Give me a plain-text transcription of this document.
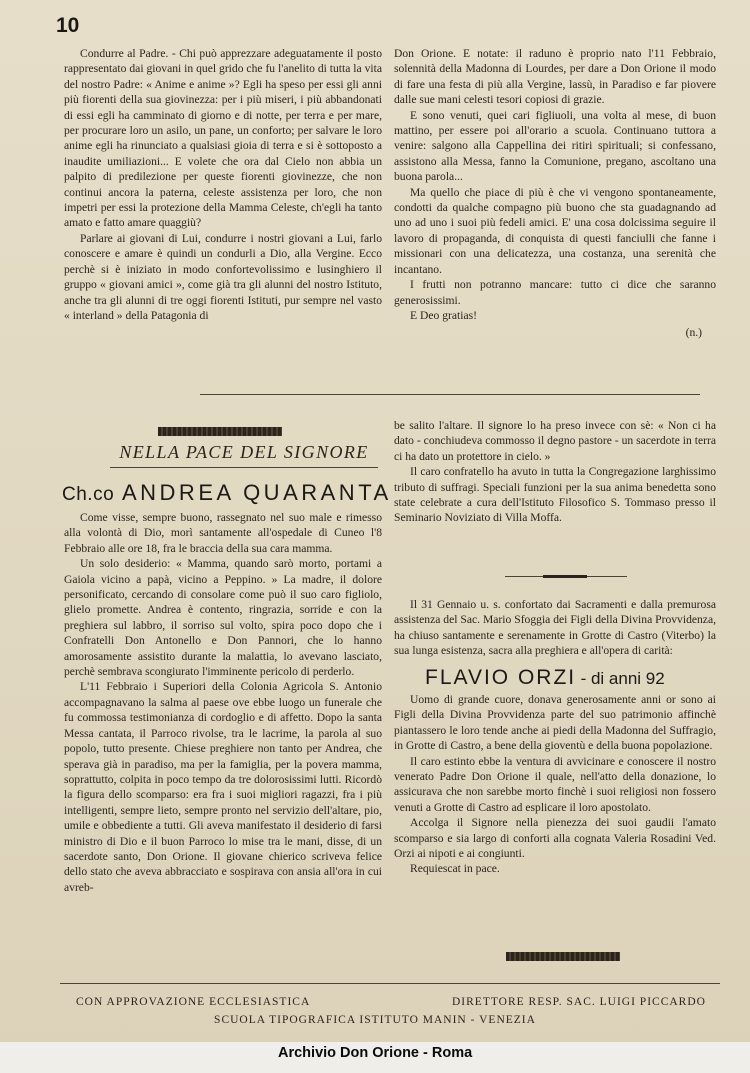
10

Condurre al Padre. - Chi può apprezzare adeguatamente il posto rappresentato dai giovani in quel grido che fu l'anelito di tutta la vita del nostro Padre: « Anime e anime »? Egli ha speso per essi gli anni più fiorenti della sua giovinezza: per i più miseri, i più abbandonati di essi egli ha camminato di giorno e di notte, per terra e per mare, per procurare loro un asilo, un pane, un conforto; per salvare le loro anime egli ha rinunciato a qualsiasi gioia di terra e si è sottoposto a inaudite umiliazioni... E volete che ora dal Cielo non abbia un palpito di predilezione per queste fiorenti giovinezze, che non continui ancora la paterna, celeste assistenza per loro, che non impetri per essi la protezione della Mamma Celeste, ch'egli ha tanto amato e fatto amare quaggiù?

Parlare ai giovani di Lui, condurre i nostri giovani a Lui, farlo conoscere e amare è quindi un condurli a Dio, alla Vergine. Ecco perchè si è iniziato in modo confortevolissimo e lusinghiero il gruppo « giovani amici », come già tra gli alunni del nostro Istituto, anche tra gli alunni di tre oggi fiorenti Istituti, pur sempre nel vasto « interland » della Patagonia di

Don Orione. E notate: il raduno è proprio nato l'11 Febbraio, solennità della Madonna di Lourdes, per dare a Don Orione il modo di fare una festa di più alla Vergine, lassù, in Paradiso e far piovere dalle sue mani celesti tesori copiosi di grazie.

E sono venuti, quei cari figliuoli, una volta al mese, di buon mattino, per essere poi all'orario a scuola. Continuano tuttora a venire: salgono alla Cappellina dei ritiri spirituali; si confessano, assistono alla Messa, fanno la Comunione, pregano, ascoltano una buona parola...

Ma quello che piace di più è che vi vengono spontaneamente, condotti da qualche compagno più buono che sta guadagnando ad uno ad uno i suoi più fedeli amici. E' una cosa dolcissima seguire il lavoro di propaganda, di conquista di questi fanciulli che fanne i missionari con una delicatezza, una costanza, una serenità che incantano.

I frutti non potranno mancare: tutto ci dice che saranno generosissimi.

E Deo gratias!

(n.)
NELLA PACE DEL SIGNORE
Ch.co ANDREA QUARANTA

Come visse, sempre buono, rassegnato nel suo male e rimesso alla volontà di Dio, morì santamente all'ospedale di Cuneo l'8 Febbraio alle ore 18, fra le braccia della sua cara mamma.

Un solo desiderio: « Mamma, quando sarò morto, portami a Gaiola vicino a papà, vicino a Peppino. » La madre, il dolore personificato, cercando di consolare come può il suo caro figliolo, glielo promette. Andrea è contento, ringrazia, sorride e con la preghiera sul labbro, il sorriso sul volto, spira poco dopo che i Confratelli Don Antonello e Don Pannori, che lo hanno amorosamente assistito durante la malattia, lo avevano lasciato, perchè sembrava scongiurato l'imminente pericolo di perderlo.

L'11 Febbraio i Superiori della Colonia Agricola S. Antonio accompagnavano la salma al paese ove ebbe luogo un funerale che fu commossa testimonianza di cordoglio e di affetto. Dopo la santa Messa cantata, il Parroco rivolse, tra le lacrime, la parola al suo popolo, tutto presente. Chiese preghiere non tanto per Andrea, che sperava già in paradiso, ma per la famiglia, per la povera mamma, soprattutto, colpita in poco tempo da tre dolorosissimi lutti. Ricordò la figura dello scomparso: era fra i suoi migliori ragazzi, fra i più intelligenti, sempre lieto, sempre pronto nel servizio dell'altare, pio, umile e obbediente a tutti. Gli aveva manifestato il desiderio di farsi ministro di Dio e il buon Parroco lo mise tra le mani, disse, di un sacerdote santo, Don Orione. Il giovane chierico scriveva felice dello stato che aveva abbracciato e sospirava con ansia all'ora in cui avreb-

be salito l'altare. Il signore lo ha preso invece con sè: « Non ci ha dato - conchiudeva commosso il degno pastore - un sacerdote in terra ci ha dato un protettore in cielo. »

Il caro confratello ha avuto in tutta la Congregazione larghissimo tributo di suffragi. Speciali funzioni per la sua anima benedetta sono state celebrate a cura dell'Istituto Filosofico S. Tommaso presso il Seminario Noviziato di Villa Moffa.

Il 31 Gennaio u. s. confortato dai Sacramenti e dalla premurosa assistenza del Sac. Mario Sfoggia dei Figli della Divina Provvidenza, ha chiuso santamente e serenamente in Grotte di Castro (Viterbo) la sua lunga esistenza, sacra alla preghiera e all'opera di carità:

FLAVIO ORZI - di anni 92

Uomo di grande cuore, donava generosamente anni or sono ai Figli della Divina Provvidenza parte del suo patrimonio affinchè piantassero le loro tende anche ai piedi della Madonna del Suffragio, in Grotte di Castro, a bene della gioventù e della buona popolazione.

Il caro estinto ebbe la ventura di avvicinare e conoscere il nostro venerato Padre Don Orione il quale, nell'atto della donazione, lo assicurava che non sarebbe morto finchè i suoi religiosi non fossero venuti a Grotte di Castro ad esplicare il loro apostolato.

Accolga il Signore nella pienezza dei suoi gaudii l'amato scomparso e sia largo di conforti alla cognata Valeria Rosadini Ved. Orzi ai nipoti e ai congiunti.

Requiescat in pace.

CON APPROVAZIONE ECCLESIASTICA	DIRETTORE RESP. SAC. LUIGI PICCARDO
SCUOLA TIPOGRAFICA ISTITUTO MANIN - VENEZIA
Archivio Don Orione - Roma
